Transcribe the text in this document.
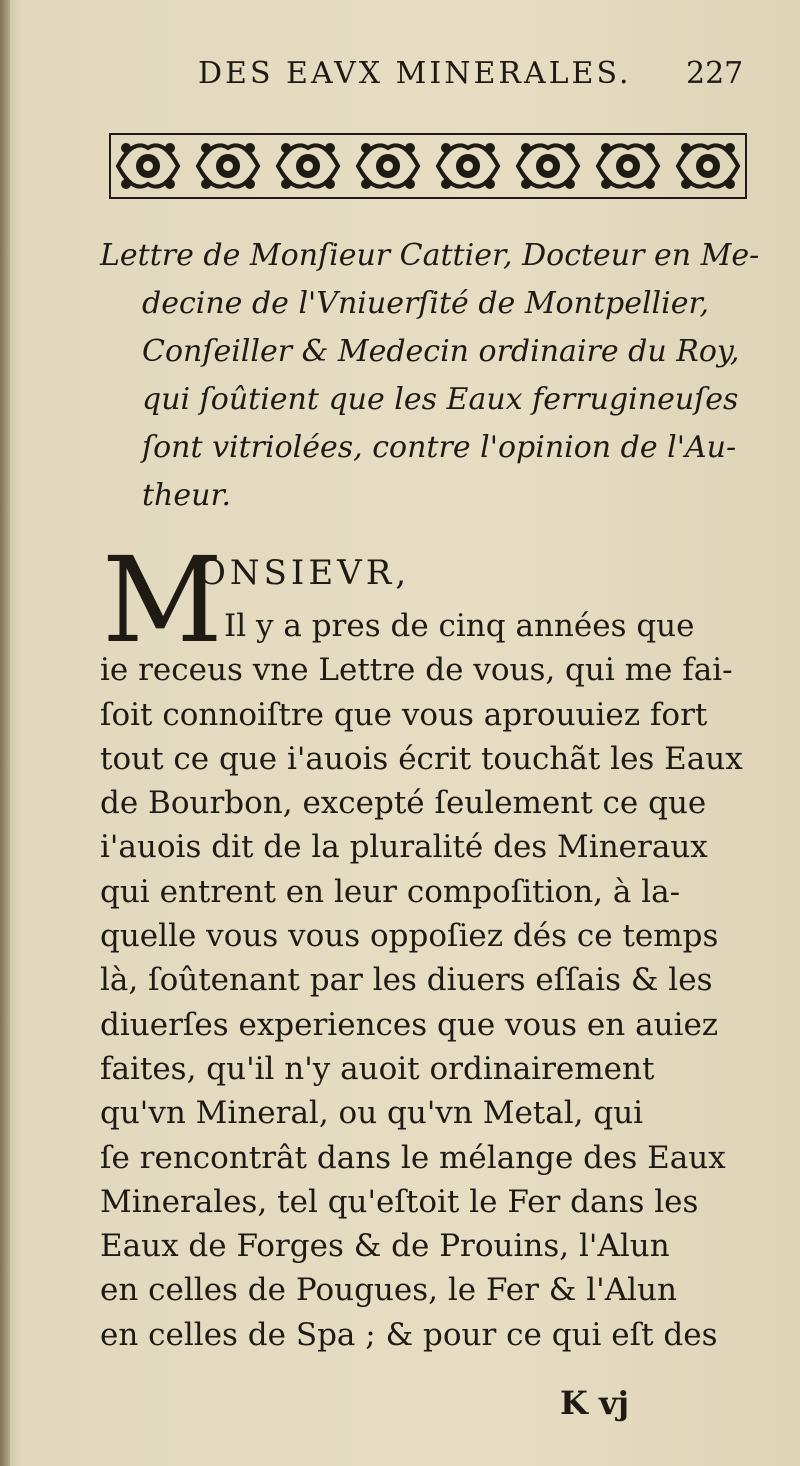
DES EAVX MINERALES. 227
Lettre de Monſieur Cattier, Docteur en Me-
decine de l'Vniuerſité de Montpellier,
Conſeiller & Medecin ordinaire du Roy,
qui ſoûtient que les Eaux ferrugineuſes
ſont vitriolées, contre l'opinion de l'Au-
theur.
M
ONSIEVR,
Il y a pres de cinq années que
ie receus vne Lettre de vous, qui me fai-
ſoit connoiſtre que vous aprouuiez fort
tout ce que i'auois écrit touchãt les Eaux
de Bourbon, excepté ſeulement ce que
i'auois dit de la pluralité des Mineraux
qui entrent en leur compoſition, à la-
quelle vous vous oppoſiez dés ce temps
là, ſoûtenant par les diuers eſſais & les
diuerſes experiences que vous en auiez
faites, qu'il n'y auoit ordinairement
qu'vn Mineral, ou qu'vn Metal, qui
ſe rencontrât dans le mélange des Eaux
Minerales, tel qu'eſtoit le Fer dans les
Eaux de Forges & de Prouins, l'Alun
en celles de Pougues, le Fer & l'Alun
en celles de Spa ; & pour ce qui eſt des
K vj
